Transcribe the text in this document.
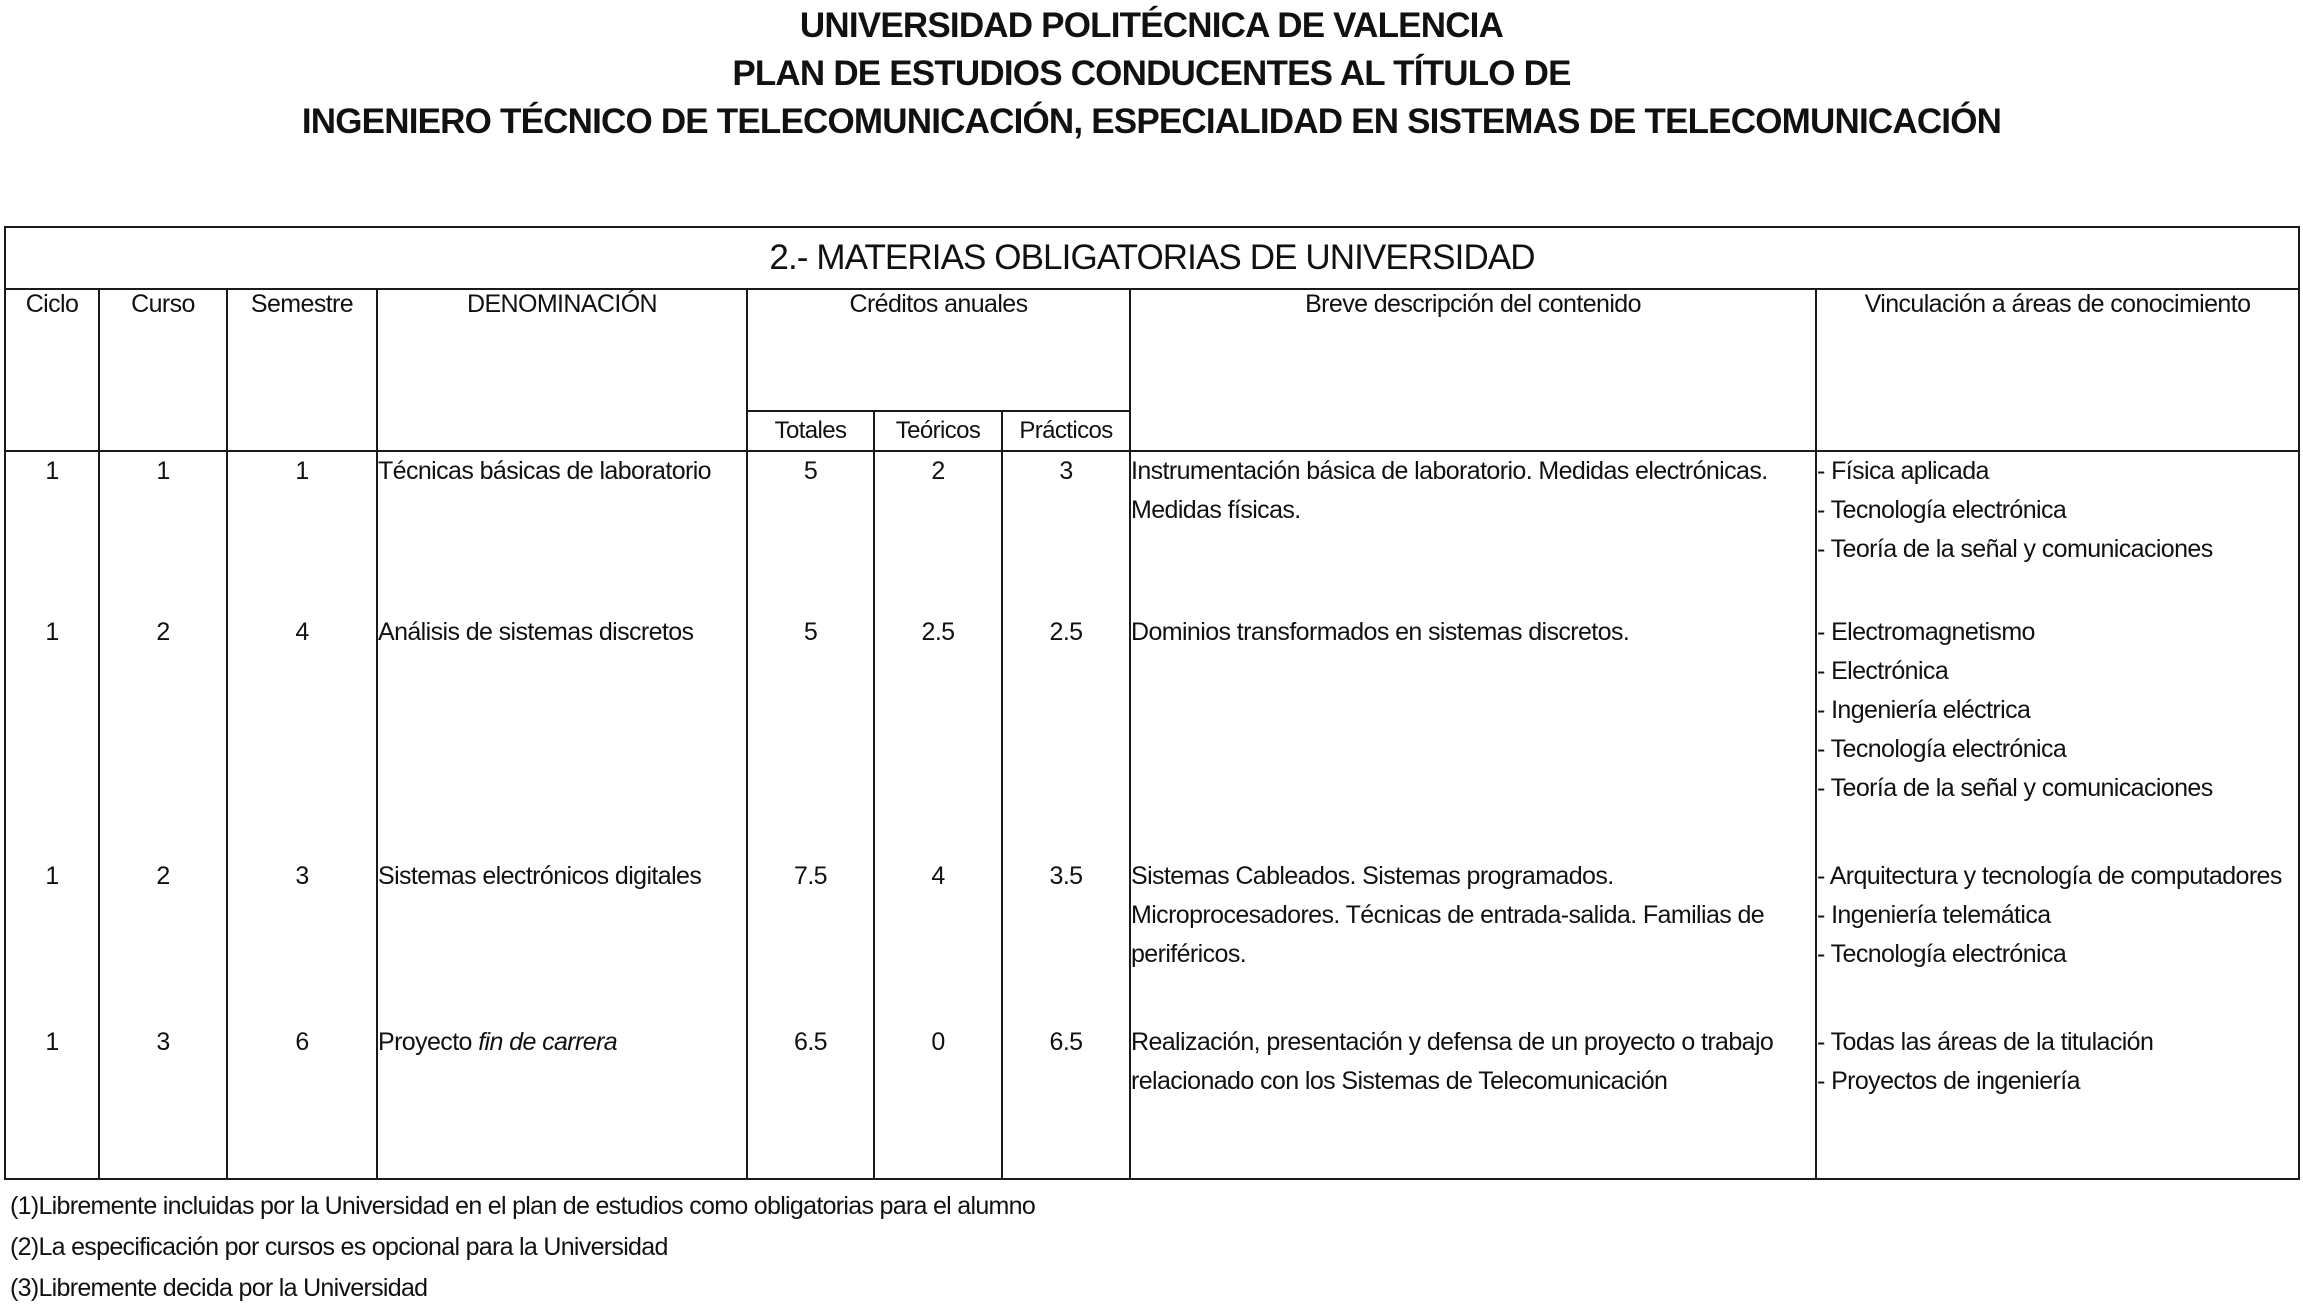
UNIVERSIDAD POLITÉCNICA DE VALENCIA
PLAN DE ESTUDIOS CONDUCENTES AL TÍTULO DE
INGENIERO TÉCNICO DE TELECOMUNICACIÓN, ESPECIALIDAD EN SISTEMAS DE TELECOMUNICACIÓN
2.- MATERIAS OBLIGATORIAS DE UNIVERSIDAD								
Ciclo	Curso	Semestre	DENOMINACIÓN	Créditos anuales			Breve descripción del contenido	Vinculación a áreas de conocimiento
				Totales	Teóricos	Prácticos		
1	1	1	Técnicas básicas de laboratorio	5	2	3	Instrumentación básica de laboratorio. Medidas electrónicas. Medidas físicas.	- Física aplicada
- Tecnología electrónica
- Teoría de la señal y comunicaciones

1	2	4	Análisis de sistemas discretos	5	2.5	2.5	Dominios transformados en sistemas discretos.	- Electromagnetismo
- Electrónica
- Ingeniería eléctrica
- Tecnología electrónica
- Teoría de la señal y comunicaciones

1	2	3	Sistemas electrónicos digitales	7.5	4	3.5	Sistemas Cableados. Sistemas programados. Microprocesadores. Técnicas de entrada-salida. Familias de periféricos.	- Arquitectura y tecnología de computadores
- Ingeniería telemática
- Tecnología electrónica

1	3	6	Proyecto fin de carrera	6.5	0	6.5	Realización, presentación y defensa de un proyecto o trabajo relacionado con los Sistemas de Telecomunicación	- Todas las áreas de la titulación
- Proyectos de ingeniería
(1)Libremente incluidas por la Universidad en el plan de estudios como obligatorias para el alumno
(2)La especificación por cursos es opcional para la Universidad
(3)Libremente decida por la Universidad
